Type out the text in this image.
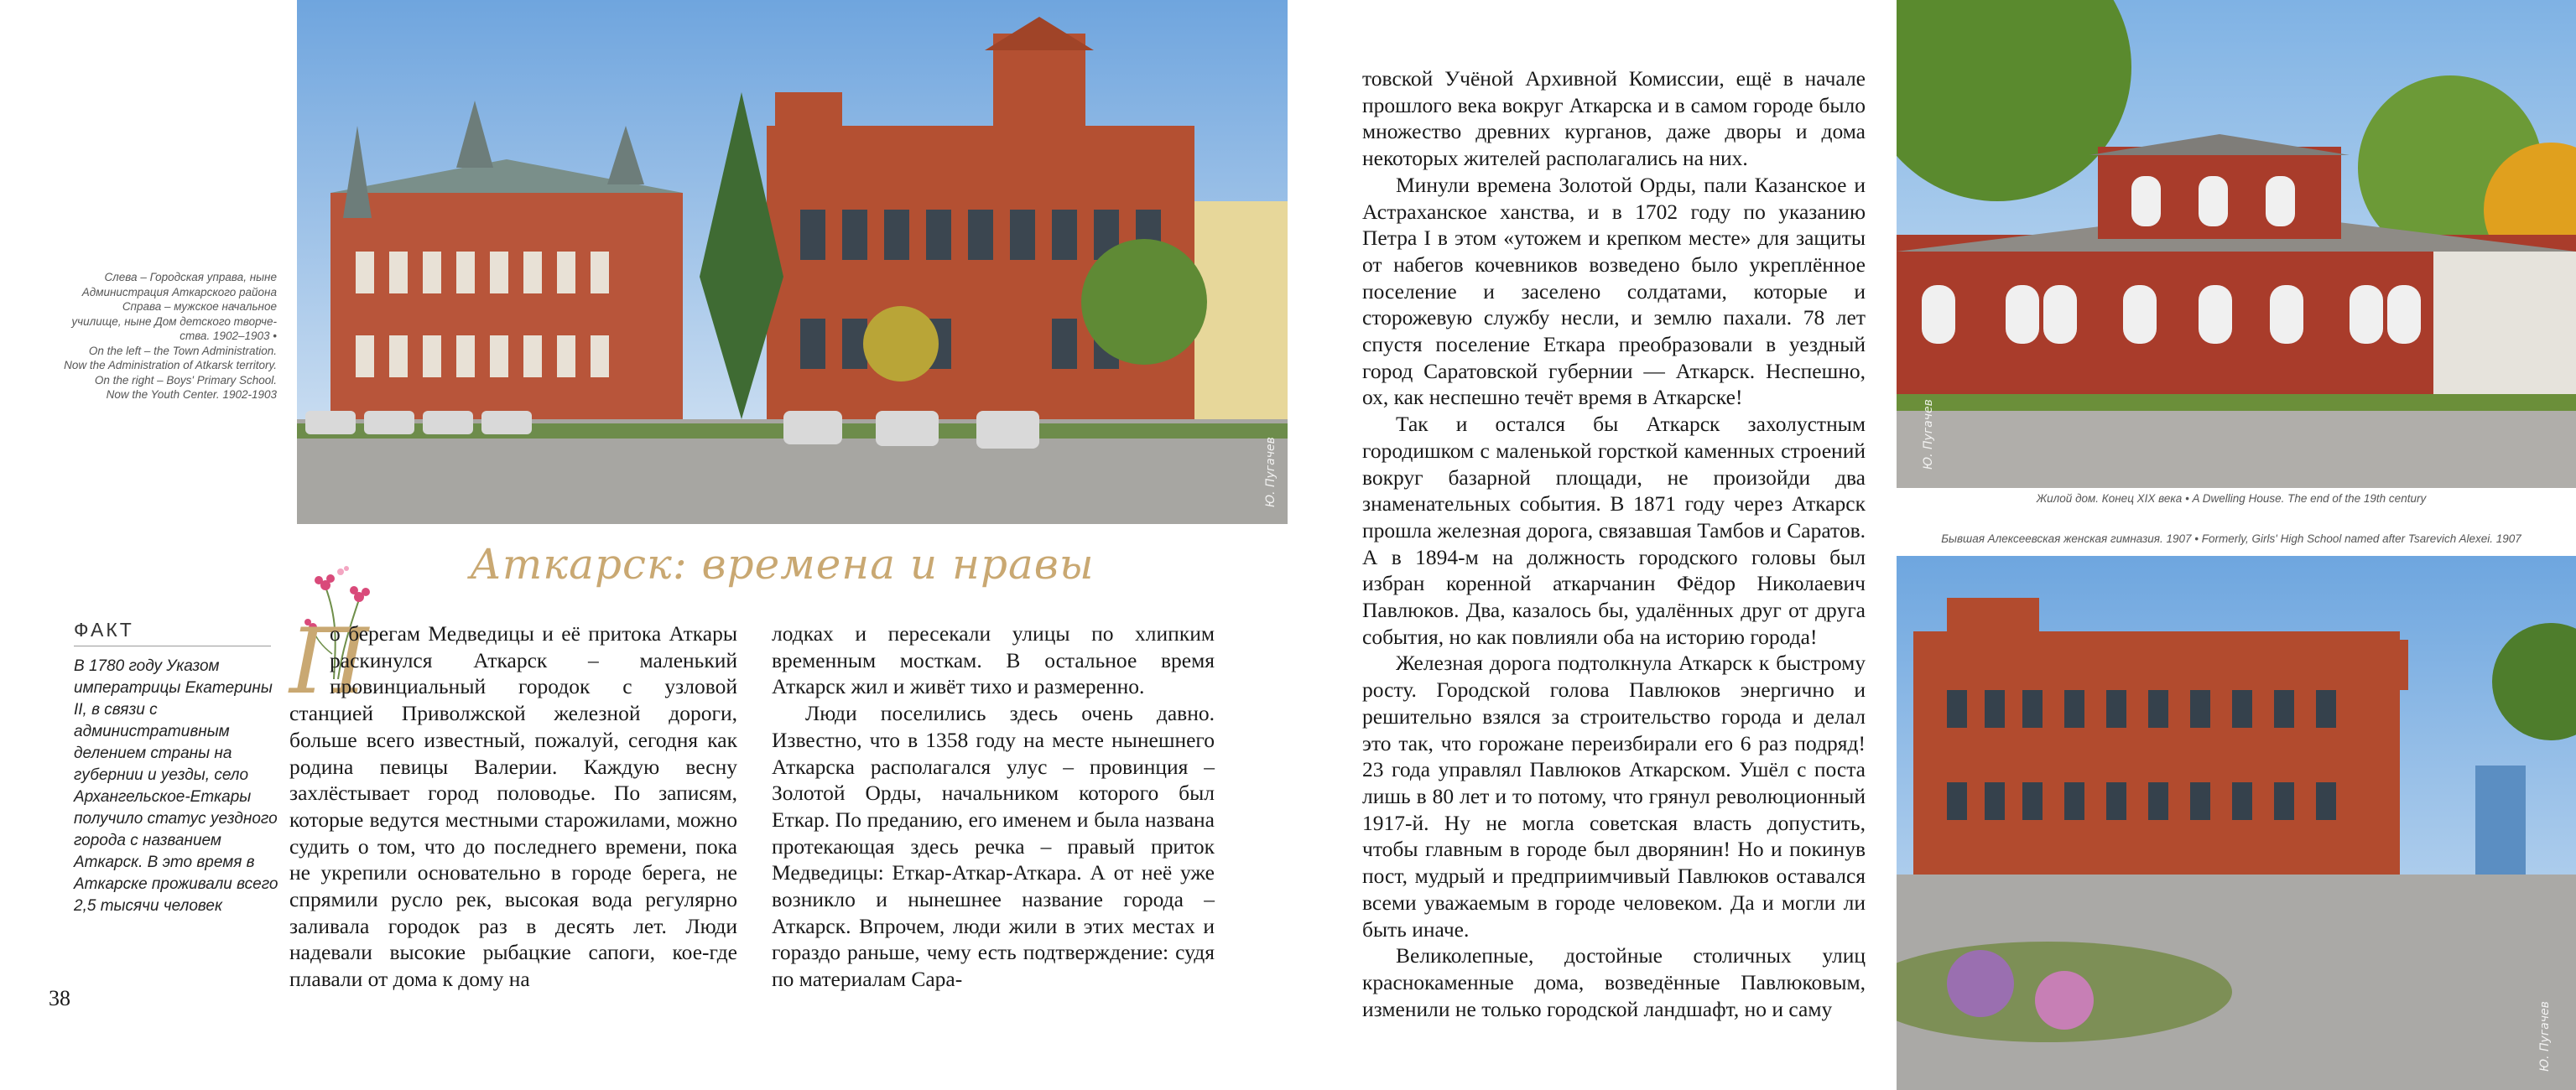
Ю. Пугачев
Ю. Пугачев
Жилой дом. Конец XIX века • A Dwelling House. The end of the 19th century
Бывшая Алексеевская женская гимназия. 1907 • Formerly, Girls' High School named after Tsarevich Alexei. 1907
Ю. Пугачев
Слева – Городская управа, ныне
Администрация Аткарского района
Справа – мужское начальное
училище, ныне Дом детского творче-
ства. 1902–1903 •
On the left – the Town Administration.
Now the Administration of Atkarsk territory.
On the right – Boys' Primary School.
Now the Youth Center. 1902-1903
Аткарск: времена и нравы
ФАКТ
В 1780 году Указом императрицы Екатерины II, в связи с административным делением страны на губернии и уезды, село Архангельское-Еткары получило статус уездного города с названием Аткарск. В это время в Аткарске проживали всего 2,5 тысячи человек
38
П

о берегам Медведицы и её притока Аткары раскинулся Аткарск – маленький провинциальный городок с узловой станцией Приволжской железной дороги, больше всего известный, пожалуй, сегодня как родина певицы Валерии. Каждую весну захлёстывает город половодье. По записям, которые ведутся местными старожилами, можно судить о том, что до последнего времени, пока не укрепили основательно в городе берега, не спрямили русло рек, высокая вода регулярно заливала городок раз в десять лет. Люди надевали высокие рыбацкие сапоги, кое-где плавали от дома к дому на

лодках и пересекали улицы по хлипким временным мосткам. В остальное время Аткарск жил и живёт тихо и размеренно.

Люди поселились здесь очень давно. Известно, что в 1358 году на месте нынешнего Аткарска располагался улус – провинция – Золотой Орды, начальником которого был Еткар. По преданию, его именем и была названа протекающая здесь речка – правый приток Медведицы: Еткар-Аткар-Аткара. А от неё уже возникло и нынешнее название города – Аткарск. Впрочем, люди жили в этих местах и гораздо раньше, чему есть подтверждение: судя по материалам Сара-

товской Учёной Архивной Комиссии, ещё в начале прошлого века вокруг Аткарска и в самом городе было множество древних курганов, даже дворы и дома некоторых жителей располагались на них.

Минули времена Золотой Орды, пали Казанское и Астраханское ханства, и в 1702 году по указанию Петра I в этом «утожем и крепком месте» для защиты от набегов кочевников возведено было укреплённое поселение и заселено солдатами, которые и сторожевую службу несли, и землю пахали. 78 лет спустя поселение Еткара преобразовали в уездный город Саратовской губернии — Аткарск. Неспешно, ох, как неспешно течёт время в Аткарске!

Так и остался бы Аткарск захолустным городишком с маленькой горсткой каменных строений вокруг базарной площади, не произойди два знаменательных события. В 1871 году через Аткарск прошла железная дорога, связавшая Тамбов и Саратов. А в 1894-м на должность городского головы был избран коренной аткарчанин Фёдор Николаевич Павлюков. Два, казалось бы, удалённых друг от друга события, но как повлияли оба на историю города!

Железная дорога подтолкнула Аткарск к быстрому росту. Городской голова Павлюков энергично и решительно взялся за строительство города и делал это так, что горожане переизбирали его 6 раз подряд! 23 года управлял Павлюков Аткарском. Ушёл с поста лишь в 80 лет и то потому, что грянул революционный 1917-й. Ну не могла советская власть допустить, чтобы главным в городе был дворянин! Но и покинув пост, мудрый и предприимчивый Павлюков оставался всеми уважаемым в городе человеком. Да и могли ли быть иначе.

Великолепные, достойные столичных улиц краснокаменные дома, возведённые Павлюковым, изменили не только городской ландшафт, но и саму
